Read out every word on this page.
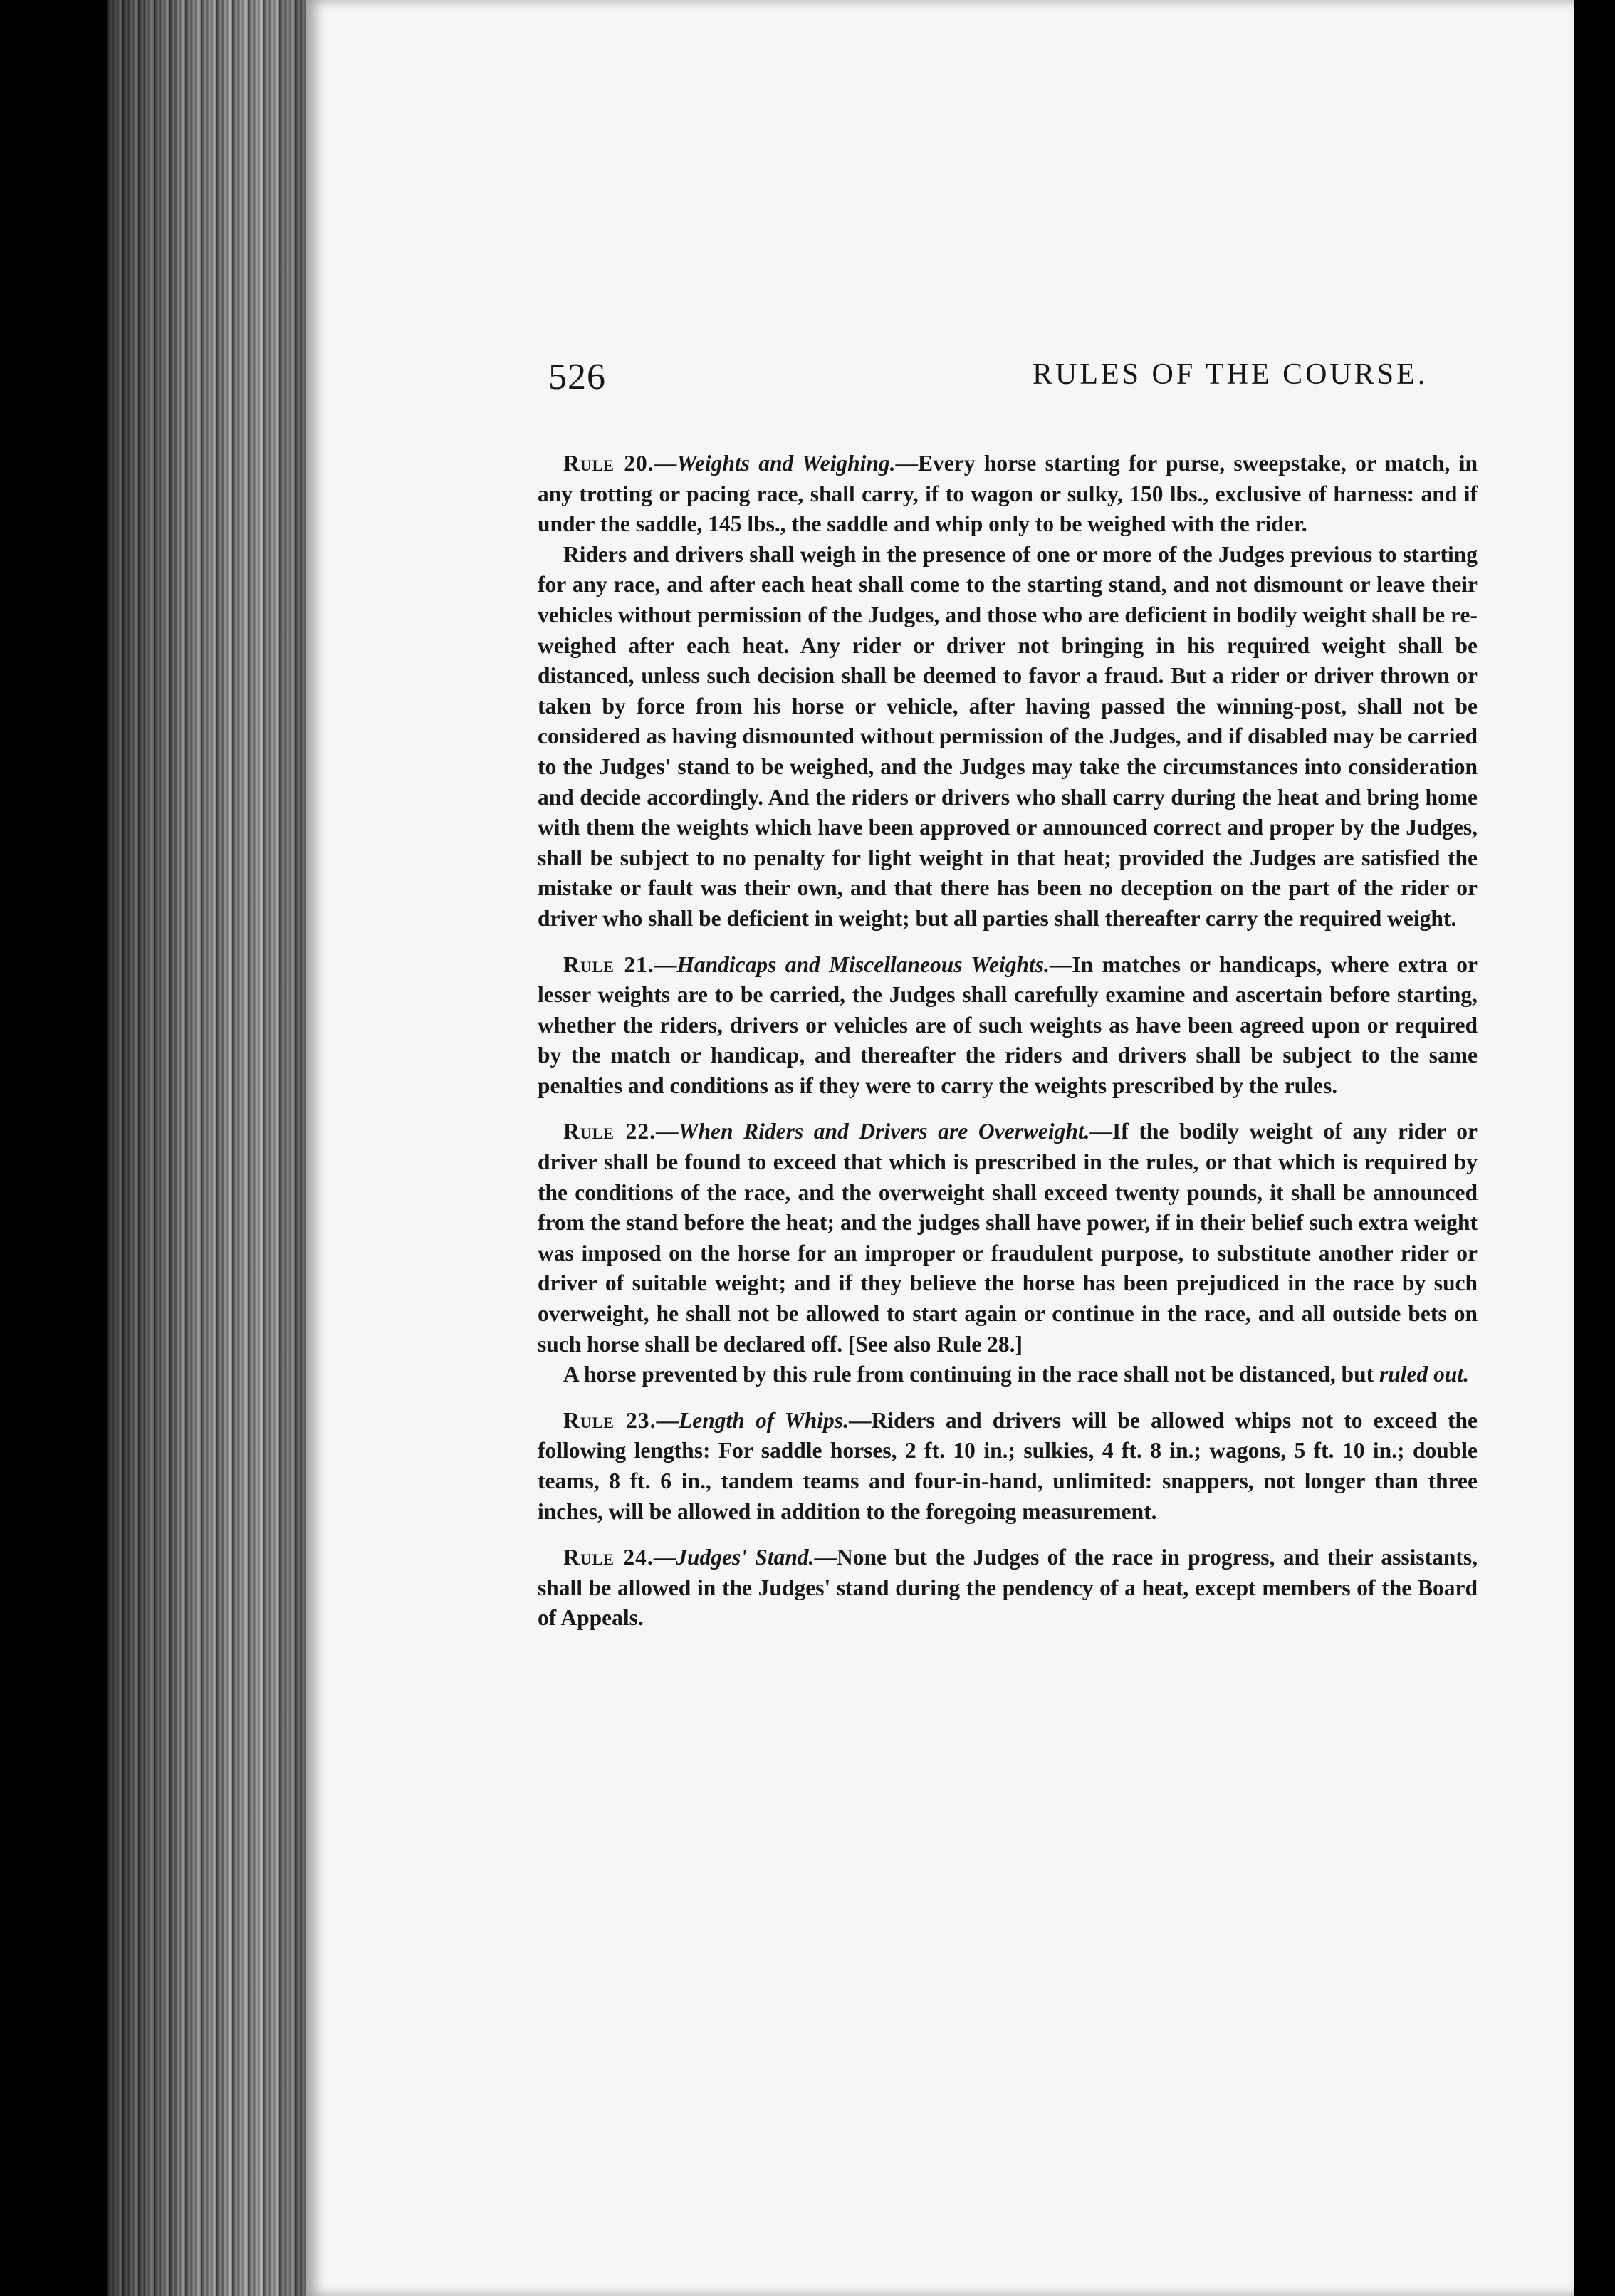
526	RULES OF THE COURSE.

Rule 20.—Weights and Weighing.—Every horse starting for purse, sweepstake, or match, in any trotting or pacing race, shall carry, if to wagon or sulky, 150 lbs., exclusive of harness: and if under the saddle, 145 lbs., the saddle and whip only to be weighed with the rider.

Riders and drivers shall weigh in the presence of one or more of the Judges previous to starting for any race, and after each heat shall come to the starting stand, and not dismount or leave their vehicles without permission of the Judges, and those who are deficient in bodily weight shall be re-weighed after each heat. Any rider or driver not bringing in his required weight shall be distanced, unless such decision shall be deemed to favor a fraud. But a rider or driver thrown or taken by force from his horse or vehicle, after having passed the winning-post, shall not be considered as having dismounted without permission of the Judges, and if disabled may be carried to the Judges' stand to be weighed, and the Judges may take the circumstances into consideration and decide accordingly. And the riders or drivers who shall carry during the heat and bring home with them the weights which have been approved or announced correct and proper by the Judges, shall be subject to no penalty for light weight in that heat; provided the Judges are satisfied the mistake or fault was their own, and that there has been no deception on the part of the rider or driver who shall be deficient in weight; but all parties shall thereafter carry the required weight.

Rule 21.—Handicaps and Miscellaneous Weights.—In matches or handicaps, where extra or lesser weights are to be carried, the Judges shall carefully examine and ascertain before starting, whether the riders, drivers or vehicles are of such weights as have been agreed upon or required by the match or handicap, and thereafter the riders and drivers shall be subject to the same penalties and conditions as if they were to carry the weights prescribed by the rules.

Rule 22.—When Riders and Drivers are Overweight.—If the bodily weight of any rider or driver shall be found to exceed that which is prescribed in the rules, or that which is required by the conditions of the race, and the overweight shall exceed twenty pounds, it shall be announced from the stand before the heat; and the judges shall have power, if in their belief such extra weight was imposed on the horse for an improper or fraudulent purpose, to substitute another rider or driver of suitable weight; and if they believe the horse has been prejudiced in the race by such overweight, he shall not be allowed to start again or continue in the race, and all outside bets on such horse shall be declared off. [See also Rule 28.]

A horse prevented by this rule from continuing in the race shall not be distanced, but ruled out.

Rule 23.—Length of Whips.—Riders and drivers will be allowed whips not to exceed the following lengths: For saddle horses, 2 ft. 10 in.; sulkies, 4 ft. 8 in.; wagons, 5 ft. 10 in.; double teams, 8 ft. 6 in., tandem teams and four-in-hand, unlimited: snappers, not longer than three inches, will be allowed in addition to the foregoing measurement.

Rule 24.—Judges' Stand.—None but the Judges of the race in progress, and their assistants, shall be allowed in the Judges' stand during the pendency of a heat, except members of the Board of Appeals.
